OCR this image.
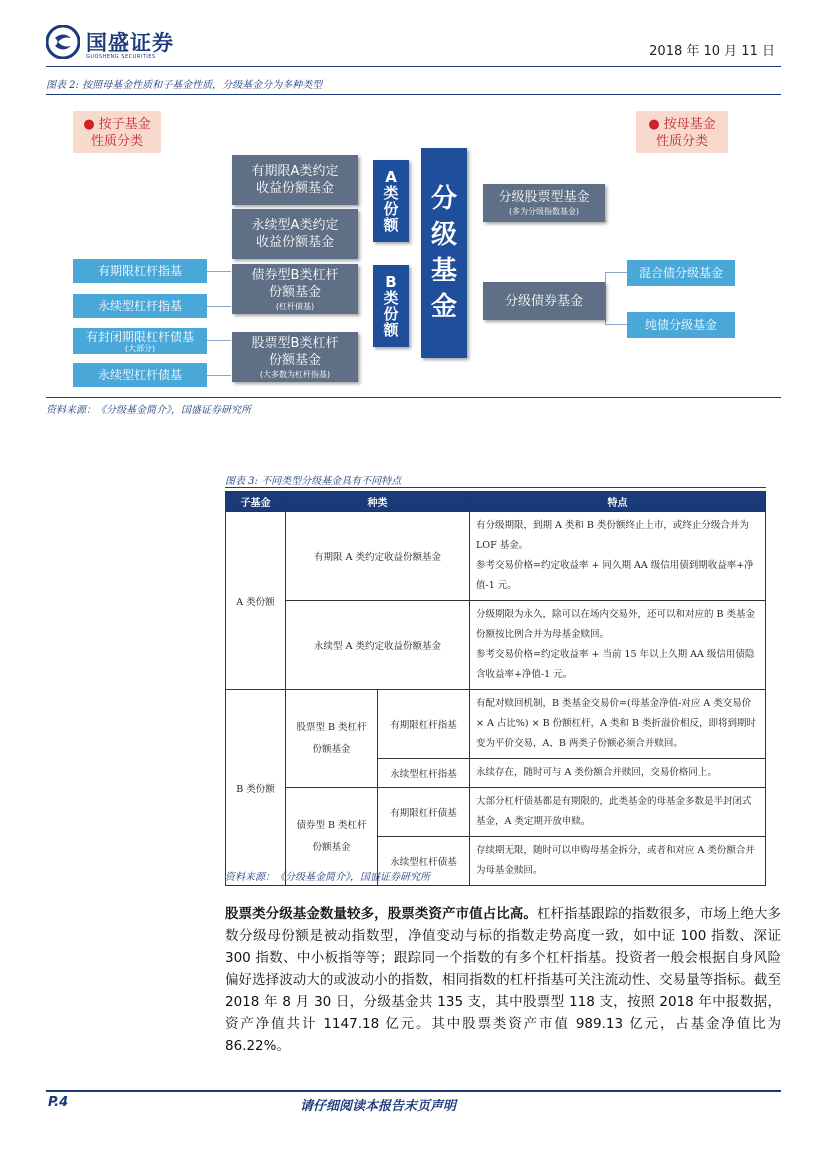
国盛证券
GUOSHENG SECURITIES	2018 年 10 月 11 日
图表 2: 按照母基金性质和子基金性质，分级基金分为多种类型
● 按子基金
性质分类
● 按母基金
性质分类
有期限A类约定
收益份额基金
永续型A类约定
收益份额基金
债券型B类杠杆
份额基金
(杠杆债基)
股票型B类杠杆
份额基金
(大多数为杠杆指基)
A
类
份
额
B
类
份
额
分
级
基
金
分级股票型基金
(多为分级指数基金)
分级债券基金
混合债分级基金
纯债分级基金
有期限杠杆指基
永续型杠杆指基
有封闭期限杠杆债基
(大部分)
永续型杠杆债基
资料来源：《分级基金简介》，国盛证券研究所
图表 3: 不同类型分级基金具有不同特点
子基金	种类		特点
A 类份额	有期限 A 类约定收益份额基金		有分级期限，到期 A 类和 B 类份额终止上市，或终止分级合并为 LOF 基金。
参考交易价格=约定收益率 + 同久期 AA 级信用债到期收益率+净值-1 元。

	永续型 A 类约定收益份额基金		分级期限为永久，除可以在场内交易外，还可以和对应的 B 类基金份额按比例合并为母基金赎回。
参考交易价格=约定收益率 + 当前 15 年以上久期 AA 级信用债隐含收益率+净值-1 元。

B 类份额	股票型 B 类杠杆份额基金	有期限杠杆指基	有配对赎回机制，B 类基金交易价=(母基金净值-对应 A 类交易价 × A 占比%) × B 份额杠杆，A 类和 B 类折溢价相反，即将到期时变为平价交易，A、B 两类子份额必须合并赎回。
		永续型杠杆指基	永续存在，随时可与 A 类份额合并赎回，交易价格同上。
	债券型 B 类杠杆份额基金	有期限杠杆债基	大部分杠杆债基都是有期限的，此类基金的母基金多数是半封闭式基金，A 类定期开放申赎。
		永续型杠杆债基	存续期无限，随时可以申购母基金拆分，或者和对应 A 类份额合并为母基金赎回。
资料来源：《分级基金简介》，国盛证券研究所
股票类分级基金数量较多，股票类资产市值占比高。杠杆指基跟踪的指数很多，市场上绝大多数分级母份额是被动指数型，净值变动与标的指数走势高度一致，如中证 100 指数、深证 300 指数、中小板指等等；跟踪同一个指数的有多个杠杆指基。投资者一般会根据自身风险偏好选择波动大的或波动小的指数，相同指数的杠杆指基可关注流动性、交易量等指标。截至 2018 年 8 月 30 日，分级基金共 135 支，其中股票型 118 支，按照 2018 年中报数据，资产净值共计 1147.18 亿元。其中股票类资产市值 989.13 亿元，占基金净值比为 86.22%。
P.4	请仔细阅读本报告末页声明
